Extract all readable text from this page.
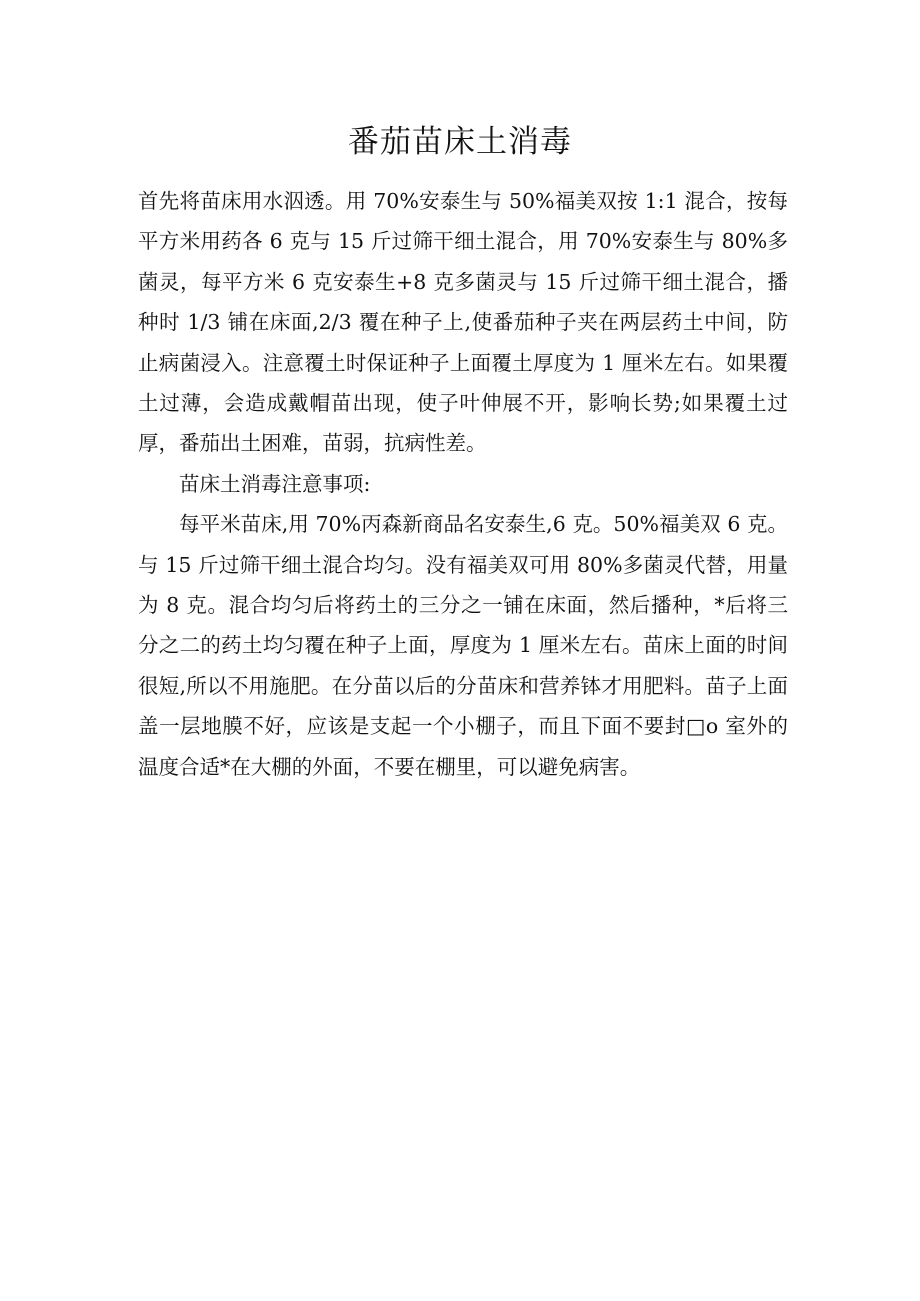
番茄苗床土消毒

首先将苗床用水泅透。用 70%安泰生与 50%福美双按 1:1 混合，按每平方米用药各 6 克与 15 斤过筛干细土混合，用 70%安泰生与 80%多菌灵，每平方米 6 克安泰生+8 克多菌灵与 15 斤过筛干细土混合，播种时 1/3 铺在床面,2/3 覆在种子上,使番茄种子夹在两层药土中间，防止病菌浸入。注意覆土时保证种子上面覆土厚度为 1 厘米左右。如果覆土过薄，会造成戴帽苗出现，使子叶伸展不开，影响长势;如果覆土过厚，番茄出土困难，苗弱，抗病性差。

苗床土消毒注意事项:

每平米苗床,用 70%丙森新商品名安泰生,6 克。50%福美双 6 克。与 15 斤过筛干细土混合均匀。没有福美双可用 80%多菌灵代替，用量为 8 克。混合均匀后将药土的三分之一铺在床面，然后播种，*后将三分之二的药土均匀覆在种子上面，厚度为 1 厘米左右。苗床上面的时间很短,所以不用施肥。在分苗以后的分苗床和营养钵才用肥料。苗子上面盖一层地膜不好，应该是支起一个小棚子，而且下面不要封□o 室外的温度合适*在大棚的外面，不要在棚里，可以避免病害。
